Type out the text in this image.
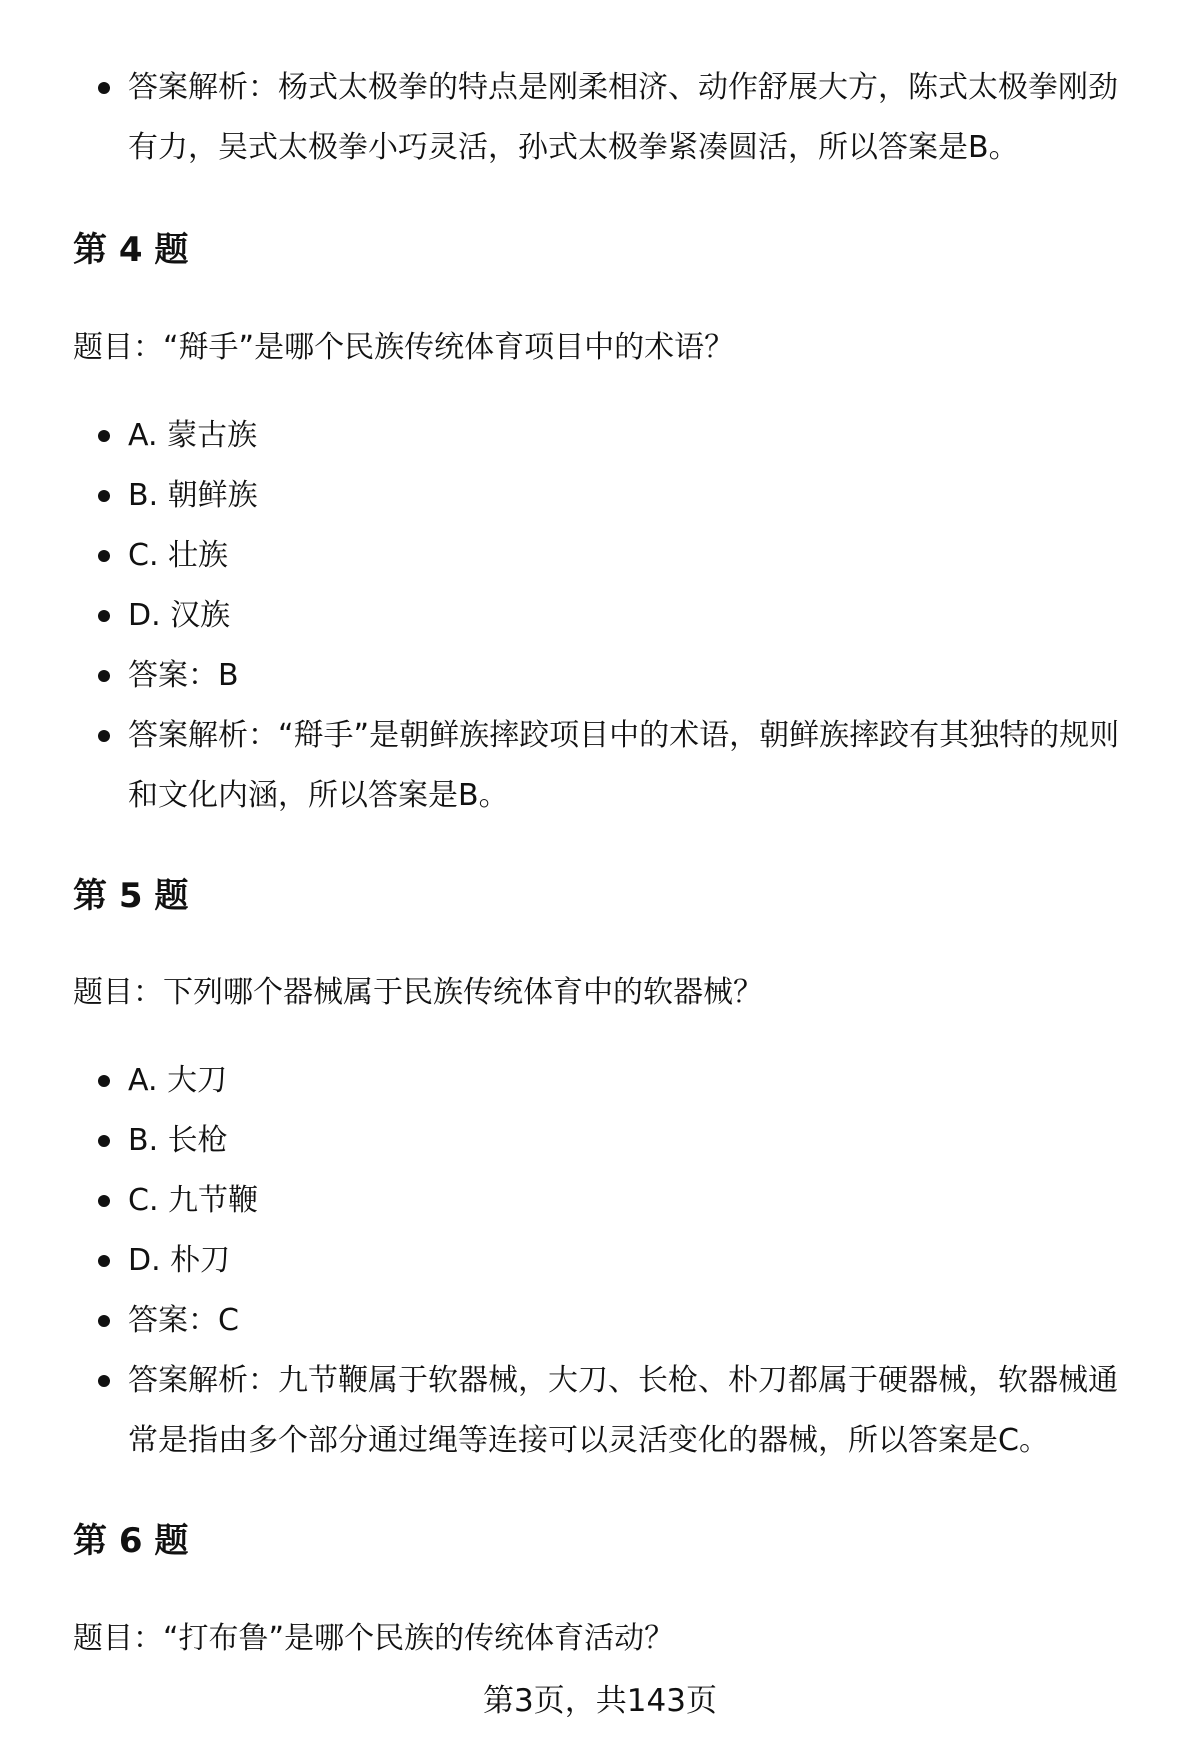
答案解析：杨式太极拳的特点是刚柔相济、动作舒展大方，陈式太极拳刚劲有力，吴式太极拳小巧灵活，孙式太极拳紧凑圆活，所以答案是B。
第 4 题

题目：“搿手”是哪个民族传统体育项目中的术语？

A. 蒙古族
B. 朝鲜族
C. 壮族
D. 汉族
答案：B
答案解析：“搿手”是朝鲜族摔跤项目中的术语，朝鲜族摔跤有其独特的规则和文化内涵，所以答案是B。
第 5 题

题目：下列哪个器械属于民族传统体育中的软器械？

A. 大刀
B. 长枪
C. 九节鞭
D. 朴刀
答案：C
答案解析：九节鞭属于软器械，大刀、长枪、朴刀都属于硬器械，软器械通常是指由多个部分通过绳等连接可以灵活变化的器械，所以答案是C。
第 6 题

题目：“打布鲁”是哪个民族的传统体育活动？

第3页，共143页
